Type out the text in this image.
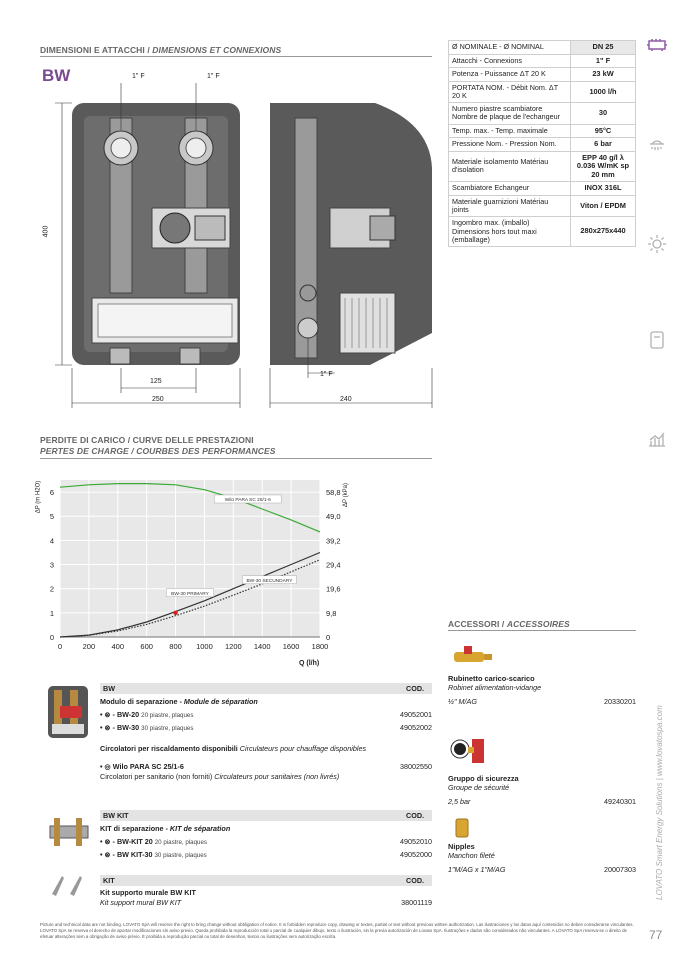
DIMENSIONI E ATTACCHI / DIMENSIONS ET CONNEXIONS
BW	1" F	1" F
1" F
400
125
250	240
Ø NOMINALE - Ø NOMINAL	DN 25
Attacchi - Connexions	1" F
Potenza - Puissance ΔT 20 K	23 kW
PORTATA NOM. - Débit Nom. ΔT 20 K	1000 l/h
Numero piastre scambiatore Nombre de plaque de l'echangeur	30
Temp. max. - Temp. maximale	95°C
Pressione Nom. - Pression Nom.	6 bar
Materiale isolamento Matériau d'isolation	EPP 40 g/l λ 0.036 W/mK sp 20 mm
Scambiatore Echangeur	INOX 316L
Materiale guarnizioni Matériau joints	Viton / EPDM
Ingombro max. (imballo) Dimensions hors tout maxi (emballage)	280x275x440
LOVATO Smart Energy Solutions | www.lovatospa.com
77
PERDITE DI CARICO / CURVE DELLE PRESTAZIONI
PERTES DE CHARGE / COURBES DES PERFORMANCES
0	200 400 600 800 1000 1200 1400 1600 1800
0	0
1	9,8
2	19,6
3	29,4
4	39,2
5	49,0
6	58,8
Wilo PARA SC 25/1-6
BW-30 PRIMARY
BW-30 SECUNDARY
ΔP (m H2O)	ΔP (kPa)
Q (l/h)
BW	COD.
Modulo di separazione - Module de séparation
• ⊗ - BW-20 20 piastre, plaques	49052001
• ⊗ - BW-30 30 piastre, plaques	49052002
Circolatori per riscaldamento disponibili Circulateurs pour chauffage disponibles
• ◎ Wilo PARA SC 25/1-6	38002550
Circolatori per sanitario (non forniti) Circulateurs pour sanitaires (non livrés)
BW KIT	COD.
KIT di separazione - KIT de séparation
• ⊗ - BW-KIT 20 20 piastre, plaques	49052010
• ⊗ - BW KIT-30 30 piastre, plaques	49052000
KIT	COD.
Kit supporto murale BW KIT
Kit support mural BW KIT	38001119
ACCESSORI / ACCESSOIRES
Rubinetto carico-scarico
Robinet alimentation-vidange
½" M/AG	20330201
Gruppo di sicurezza
Groupe de sécurité
2,5 bar	49240301
Nipples
Manchon fileté
1"M/AG x 1"M/AG	20007303
Picture and technical data are not binding. LOVATO SpA will reserve the right to bring change without obbligation of notice. It is forbidden reproduce copy, drawing or textes, partial or text without previous written authorization. Las ilustraciones y los datos aquí contenidos no deben considerarse vinculantes. LOVATO SpA se reserva el derecho de aportar modificaciones sin aviso previo. Queda prohibida la reproducción total o parcial de cualquier dibujo, texto o ilustración, sin la previa autorización de Lovato SpA. Ilustrações e dados são considerados não vinculantes. A LOVATO SpA reserva-se o direito de efetuar alterações sem a obrigação de aviso prévio. É proibida a reprodução parcial ou total de desenhos, textos ou ilustrações sem autorização escrita.
